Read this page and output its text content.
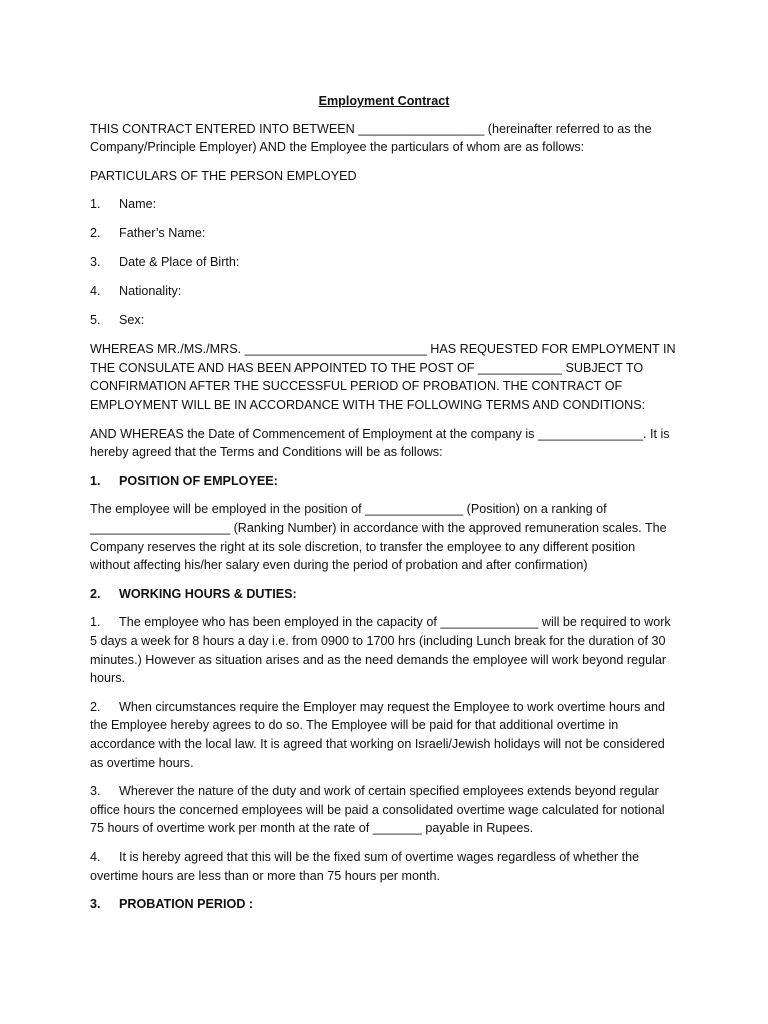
Employment Contract

THIS CONTRACT ENTERED INTO BETWEEN __________________ (hereinafter referred to as the Company/Principle Employer) AND the Employee the particulars of whom are as follows:

PARTICULARS OF THE PERSON EMPLOYED

1.	Name:
2.	Father’s Name:
3.	Date & Place of Birth:
4.	Nationality:
5.	Sex:

WHEREAS MR./MS./MRS. __________________________ HAS REQUESTED FOR EMPLOYMENT IN THE CONSULATE AND HAS BEEN APPOINTED TO THE POST OF ____________ SUBJECT TO CONFIRMATION AFTER THE SUCCESSFUL PERIOD OF PROBATION. THE CONTRACT OF EMPLOYMENT WILL BE IN ACCORDANCE WITH THE FOLLOWING TERMS AND CONDITIONS:

AND WHEREAS the Date of Commencement of Employment at the company is _______________. It is hereby agreed that the Terms and Conditions will be as follows:

1.	POSITION OF EMPLOYEE:

The employee will be employed in the position of ______________ (Position) on a ranking of ____________________ (Ranking Number) in accordance with the approved remuneration scales. The Company reserves the right at its sole discretion, to transfer the employee to any different position without affecting his/her salary even during the period of probation and after confirmation)

2.	WORKING HOURS & DUTIES:

1. The employee who has been employed in the capacity of ______________ will be required to work 5 days a week for 8 hours a day i.e. from 0900 to 1700 hrs (including Lunch break for the duration of 30 minutes.) However as situation arises and as the need demands the employee will work beyond regular hours.

2. When circumstances require the Employer may request the Employee to work overtime hours and the Employee hereby agrees to do so. The Employee will be paid for that additional overtime in accordance with the local law. It is agreed that working on Israeli/Jewish holidays will not be considered as overtime hours.

3. Wherever the nature of the duty and work of certain specified employees extends beyond regular office hours the concerned employees will be paid a consolidated overtime wage calculated for notional 75 hours of overtime work per month at the rate of _______ payable in Rupees.

4. It is hereby agreed that this will be the fixed sum of overtime wages regardless of whether the overtime hours are less than or more than 75 hours per month.

3.	PROBATION PERIOD :
